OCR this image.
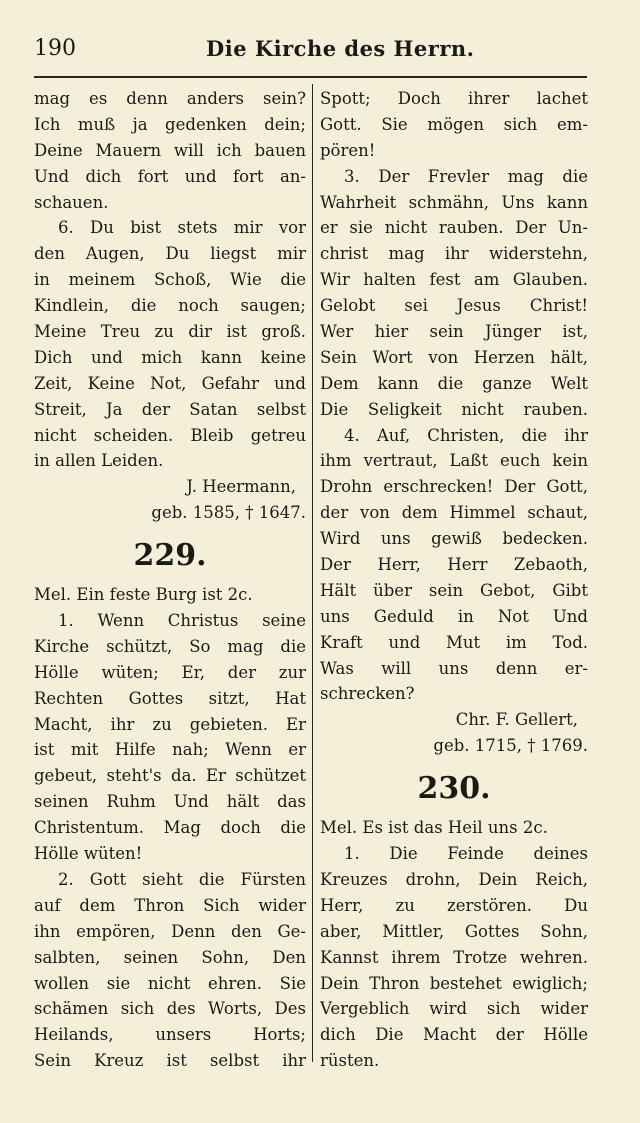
190	Die Kirche des Herrn.
mag es denn anders sein?
Ich muß ja gedenken dein;
Deine Mauern will ich bauen
Und dich fort und fort an-
schauen.
6. Du bist stets mir vor
den Augen, Du liegst mir
in meinem Schoß, Wie die
Kindlein, die noch saugen;
Meine Treu zu dir ist groß.
Dich und mich kann keine
Zeit, Keine Not, Gefahr und
Streit, Ja der Satan selbst
nicht scheiden. Bleib getreu
in allen Leiden.
J. Heermann,
geb. 1585, † 1647.
229.
Mel. Ein feste Burg ist 2c.
1. Wenn Christus seine
Kirche schützt, So mag die
Hölle wüten; Er, der zur
Rechten Gottes sitzt, Hat
Macht, ihr zu gebieten. Er
ist mit Hilfe nah; Wenn er
gebeut, steht's da. Er schützet
seinen Ruhm Und hält das
Christentum. Mag doch die
Hölle wüten!
2. Gott sieht die Fürsten
auf dem Thron Sich wider
ihn empören, Denn den Ge-
salbten, seinen Sohn, Den
wollen sie nicht ehren. Sie
schämen sich des Worts, Des
Heilands, unsers Horts;
Sein Kreuz ist selbst ihr
Spott; Doch ihrer lachet
Gott. Sie mögen sich em-
pören!
3. Der Frevler mag die
Wahrheit schmähn, Uns kann
er sie nicht rauben. Der Un-
christ mag ihr widerstehn,
Wir halten fest am Glauben.
Gelobt sei Jesus Christ!
Wer hier sein Jünger ist,
Sein Wort von Herzen hält,
Dem kann die ganze Welt
Die Seligkeit nicht rauben.
4. Auf, Christen, die ihr
ihm vertraut, Laßt euch kein
Drohn erschrecken! Der Gott,
der von dem Himmel schaut,
Wird uns gewiß bedecken.
Der Herr, Herr Zebaoth,
Hält über sein Gebot, Gibt
uns Geduld in Not Und
Kraft und Mut im Tod.
Was will uns denn er-
schrecken?
Chr. F. Gellert,
geb. 1715, † 1769.
230.
Mel. Es ist das Heil uns 2c.
1. Die Feinde deines
Kreuzes drohn, Dein Reich,
Herr, zu zerstören. Du
aber, Mittler, Gottes Sohn,
Kannst ihrem Trotze wehren.
Dein Thron bestehet ewiglich;
Vergeblich wird sich wider
dich Die Macht der Hölle
rüsten.
